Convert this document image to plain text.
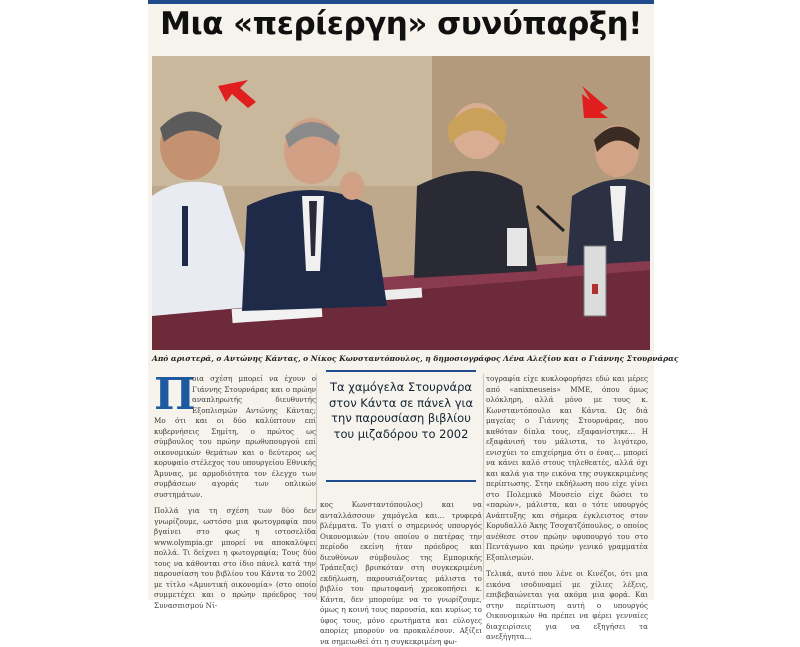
Μια «περίεργη» συνύπαρξη!
Από αριστερά, ο Αντώνης Κάντας, ο Νίκος Κωνσταντόπουλος, η δημοσιογράφος Λένα Αλεξίου και ο Γιάννης Στουρνάρας
Π

οια σχέση μπορεί να έχουν ο Γιάννης Στουρνάρας και ο πρώην αναπληρωτής διευθυντής Εξοπλισμών Αντώνης Κάντας; Μο ότι και οι δύο καλύπτουν επί κυβερνήσεις Σημίτη, ο πρώτος ως σύμβουλος του πρώην πρωθυπουργού επί οικονομικών θεμάτων και ο δεύτερος ως κορυφαίο στέλεχος του υπουργείου Εθνικής Άμυνας, με αρμοδιότητα τον έλεγχο των συμβάσεων αγοράς των οπλικών συστημάτων.

Πολλά για τη σχέση των δύο δεν γνωρίζουμε, ωστόσο μια φωτογραφία που βγαίνει στο φως η ιστοσελίδα www.olympia.gr μπορεί να αποκαλύψει πολλά. Τι δείχνει η φωτογραφία; Τους δύο τους να κάθονται στο ίδιο πάνελ κατά την παρουσίαση του βιβλίου του Κάντα το 2002 με τίτλο «Αμυντική οικονομία» (στο οποίο συμμετέχει και ο πρώην πρόεδρος του Συνασπισμού Νί-

Τα χαμόγελα Στουρνάρα
στον Κάντα σε πάνελ για
την παρουσίαση βιβλίου
του μιζαδόρου το 2002

κος Κωνσταντόπουλος) και να ανταλλάσσουν χαμόγελα και... τρυφερά βλέμματα. Το γιατί ο σημερινός υπουργός Οικονομικών (του οποίου ο πατέρας την περίοδο εκείνη ήταν πρόεδρος και διευθύνων σύμβουλος της Εμπορικής Τράπεζας) βρισκόταν στη συγκεκριμένη εκδήλωση, παρουσιάζοντας μάλιστα το βιβλίο του πρωτοφανή χρεοκοπήσει κ. Κάντα, δεν μπορούμε να το γνωρίζουμε, όμως η κοινή τους παρουσία, και κυρίως το ύφος τους, μόνο ερωτήματα και εύλογες απορίες μπορούν να προκαλέσουν. Αξίζει να σημειωθεί ότι η συγκεκριμένη φω-

τογραφία είχε κυκλοφορήσει εδώ και μέρες από «anixneuseis» ΜΜΕ, όπου όμως ολόκληρη, αλλά μόνο με τους κ. Κωνσταντόπουλο και Κάντα. Ως διά μαγείας ο Γιάννης Στουρνάρας, που καθόταν δίπλα τους, εξαφανίστηκε... Η εξαφάνισή του μάλιστα, το λιγότερο, ενισχύει το επιχείρημα ότι ο ένας... μπορεί να κάνει καλό στους τηλεθεατές, αλλά όχι και καλά για την εικόνα της συγκεκριμένης περίπτωσης. Στην εκδήλωση που είχε γίνει στο Πολεμικό Μουσείο είχε δώσει το «παρών», μάλιστα, και ο τότε υπουργός Ανάπτυξης και σήμερα έγκλειστος στον Κορυδαλλό Άκης Τσοχατζόπουλος, ο οποίος ανέθεσε στον πρώην υφυπουργό του στο Πεντάγωνο και πρώην γενικό γραμματέα Εξοπλισμών.

Τελικά, αυτό που λένε οι Κινέζοι, ότι μια εικόνα ισοδυναμεί με χίλιες λέξεις, επιβεβαιώνεται για ακόμα μια φορά. Και στην περίπτωση αυτή ο υπουργός Οικονομικών θα πρέπει να φέρει γενναίες διαχειρίσεις για να εξηγήσει τα ανεξήγητα...
